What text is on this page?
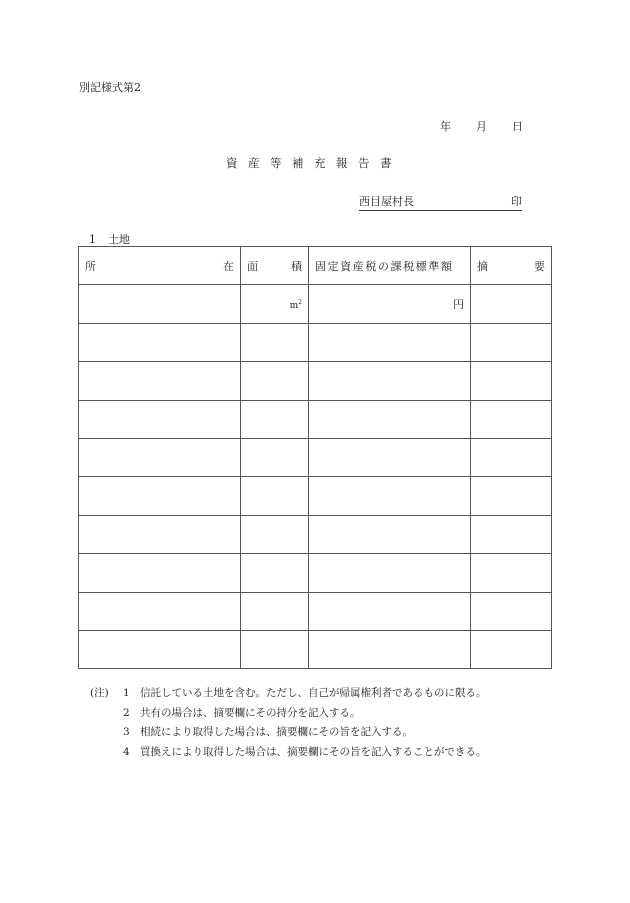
別記様式第2
年	月	日
資産等補充報告書
西目屋村長	印
1 土地
所 在	面 積	固定資産税の課税標準額	摘 要

	$m^2$	円	

(注)	1 信託している土地を含む。ただし、自己が帰属権利者であるものに限る。
2 共有の場合は、摘要欄にその持分を記入する。
3 相続により取得した場合は、摘要欄にその旨を記入する。
4 買換えにより取得した場合は、摘要欄にその旨を記入することができる。
